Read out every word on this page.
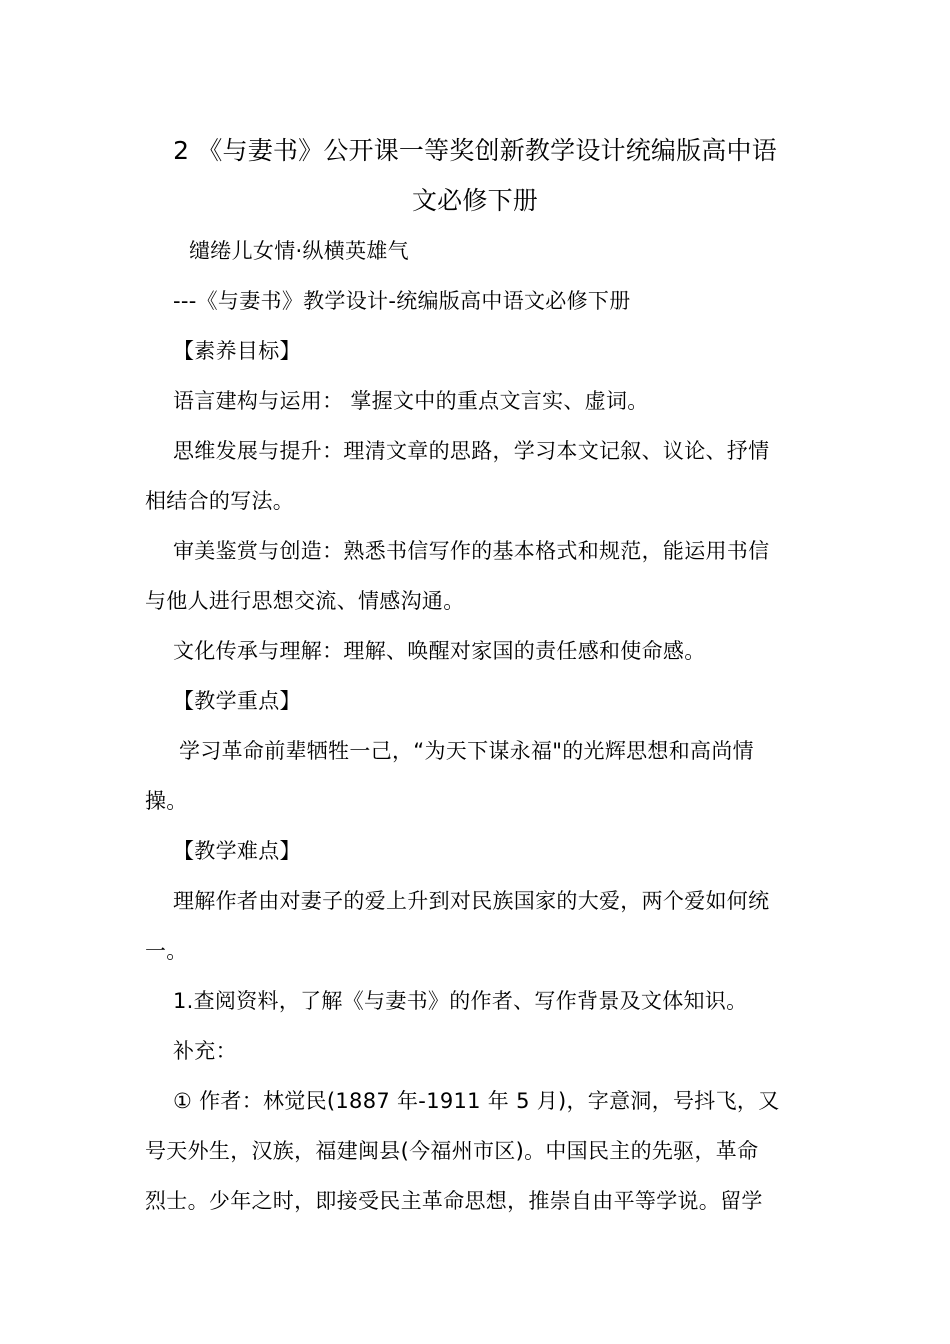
2 《与妻书》公开课一等奖创新教学设计统编版高中语
文必修下册
缱绻儿女情·纵横英雄气
---《与妻书》教学设计-统编版高中语文必修下册
【素养目标】
语言建构与运用： 掌握文中的重点文言实、虚词。
思维发展与提升：理清文章的思路，学习本文记叙、议论、抒情
相结合的写法。
审美鉴赏与创造：熟悉书信写作的基本格式和规范，能运用书信
与他人进行思想交流、情感沟通。
文化传承与理解：理解、唤醒对家国的责任感和使命感。
【教学重点】
学习革命前辈牺牲一己，“为天下谋永福"的光辉思想和高尚情
操。
【教学难点】
理解作者由对妻子的爱上升到对民族国家的大爱，两个爱如何统
一。
1.查阅资料，了解《与妻书》的作者、写作背景及文体知识。
补充：
① 作者：林觉民(1887 年-1911 年 5 月)，字意洞，号抖飞，又
号天外生，汉族，福建闽县(今福州市区)。中国民主的先驱，革命
烈士。少年之时，即接受民主革命思想，推崇自由平等学说。留学
